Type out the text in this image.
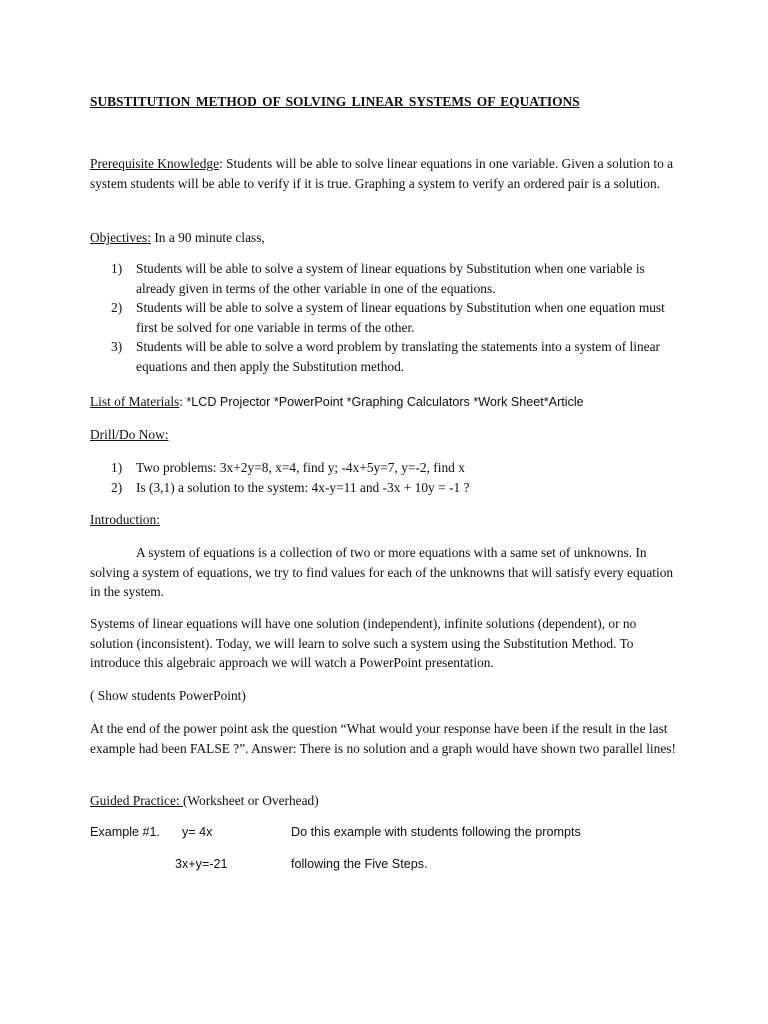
SUBSTITUTION METHOD OF SOLVING LINEAR SYSTEMS OF EQUATIONS

Prerequisite Knowledge: Students will be able to solve linear equations in one variable. Given a solution to a system students will be able to verify if it is true. Graphing a system to verify an ordered pair is a solution.

Objectives: In a 90 minute class,

1) Students will be able to solve a system of linear equations by Substitution when one variable is already given in terms of the other variable in one of the equations.
2) Students will be able to solve a system of linear equations by Substitution when one equation must first be solved for one variable in terms of the other.
3) Students will be able to solve a word problem by translating the statements into a system of linear equations and then apply the Substitution method.

List of Materials: *LCD Projector *PowerPoint *Graphing Calculators *Work Sheet*Article

Drill/Do Now:

1) Two problems: 3x+2y=8, x=4, find y; -4x+5y=7, y=-2, find x
2) Is (3,1) a solution to the system: 4x-y=11 and -3x + 10y = -1 ?

Introduction:

A system of equations is a collection of two or more equations with a same set of unknowns. In solving a system of equations, we try to find values for each of the unknowns that will satisfy every equation in the system.

Systems of linear equations will have one solution (independent), infinite solutions (dependent), or no solution (inconsistent). Today, we will learn to solve such a system using the Substitution Method. To introduce this algebraic approach we will watch a PowerPoint presentation.

( Show students PowerPoint)

At the end of the power point ask the question “What would your response have been if the result in the last example had been FALSE ?”. Answer: There is no solution and a graph would have shown two parallel lines!

Guided Practice: (Worksheet or Overhead)

Example #1. y= 4x	Do this example with students following the prompts
3x+y=-21	following the Five Steps.
